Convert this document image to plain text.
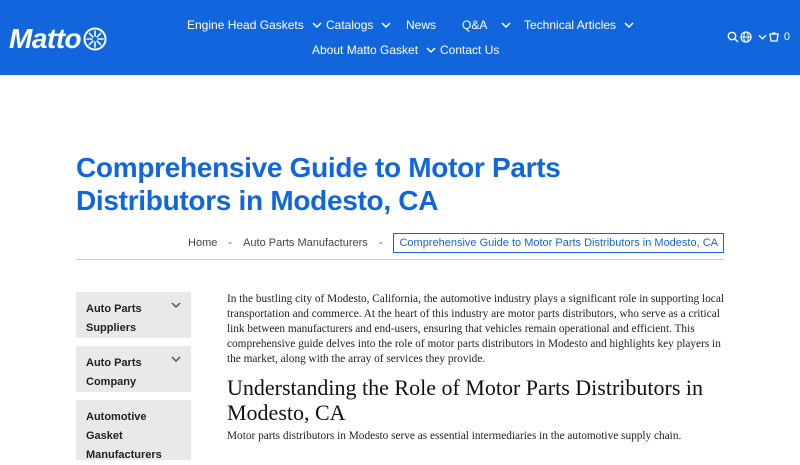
Matto	Engine Head Gaskets Catalogs	News Q&A	Technical Articles
About Matto Gasket Contact Us
0
Comprehensive Guide to Motor Parts Distributors in Modesto, CA
Home - Auto Parts Manufacturers -	Comprehensive Guide to Motor Parts Distributors in Modesto, CA
Auto Parts Suppliers
Auto Parts Company
Automotive Gasket Manufacturers

In the bustling city of Modesto, California, the automotive industry plays a significant role in supporting local transportation and commerce. At the heart of this industry are motor parts distributors, who serve as a critical link between manufacturers and end-users, ensuring that vehicles remain operational and efficient. This comprehensive guide delves into the role of motor parts distributors in Modesto and highlights key players in the market, along with the array of services they provide.

Understanding the Role of Motor Parts Distributors in Modesto, CA

Motor parts distributors in Modesto serve as essential intermediaries in the automotive supply chain.
